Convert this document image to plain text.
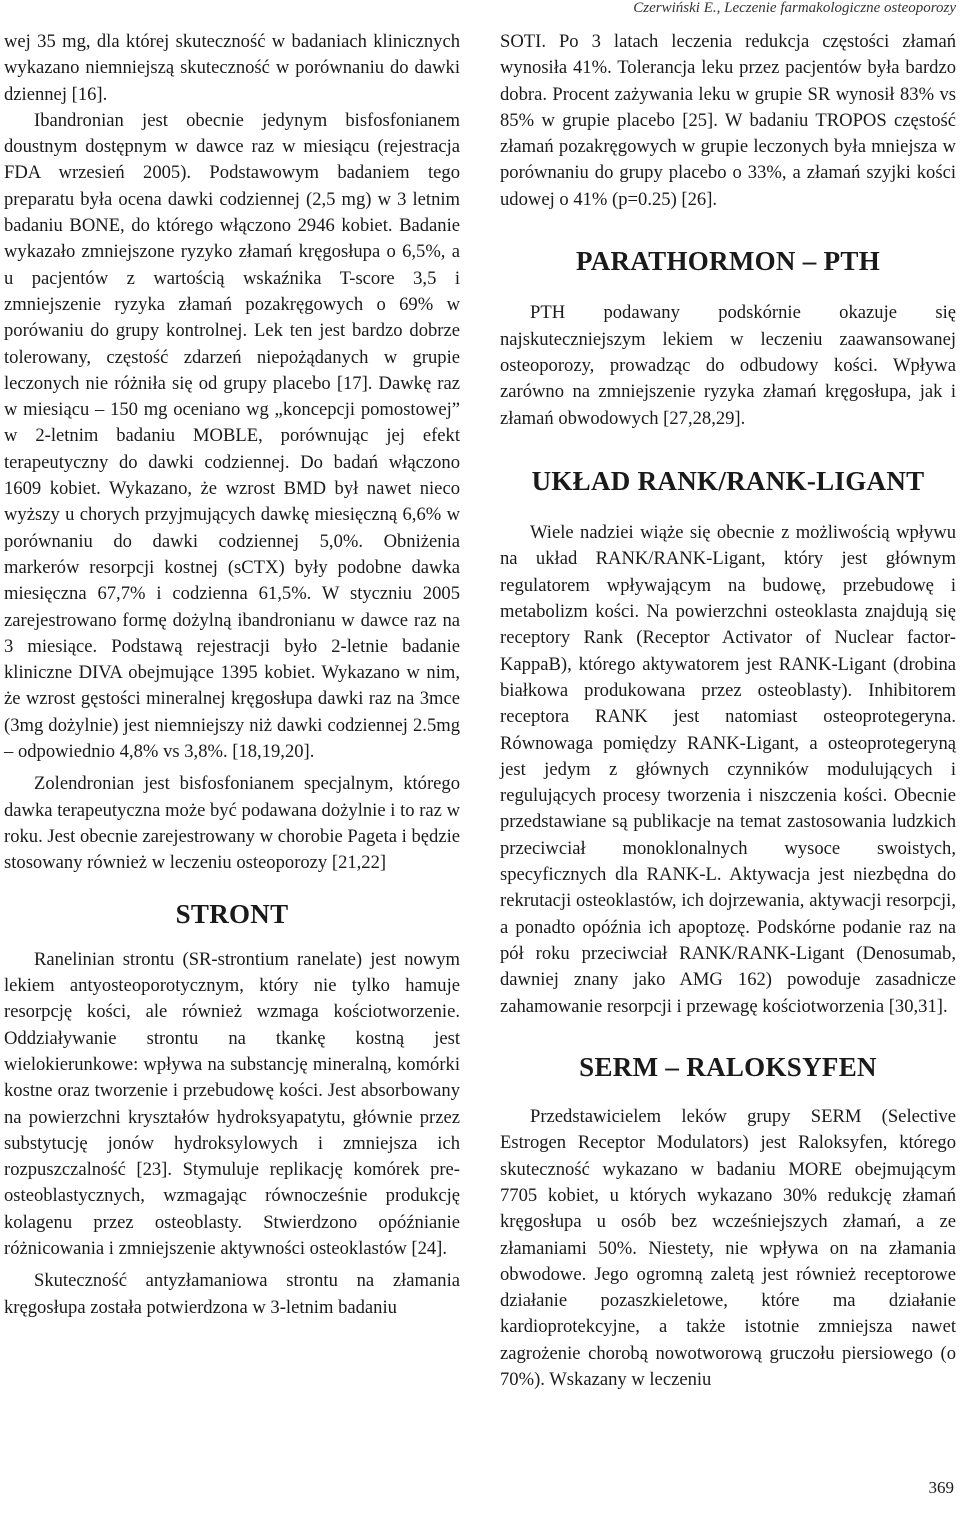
Czerwiński E., Leczenie farmakologiczne osteoporozy

wej 35 mg, dla której skuteczność w badaniach klinicznych wykazano niemniejszą skuteczność w porównaniu do dawki dziennej [16].

Ibandronian jest obecnie jedynym bisfosfonianem doustnym dostępnym w dawce raz w miesiącu (rejestracja FDA wrzesień 2005). Podstawowym badaniem tego preparatu była ocena dawki codziennej (2,5 mg) w 3 letnim badaniu BONE, do którego włączono 2946 kobiet. Badanie wykazało zmniejszone ryzyko złamań kręgosłupa o 6,5%, a u pacjentów z wartością wskaźnika T-score 3,5 i zmniejszenie ryzyka złamań pozakręgowych o 69% w porówaniu do grupy kontrolnej. Lek ten jest bardzo dobrze tolerowany, częstość zdarzeń niepożądanych w grupie leczonych nie różniła się od grupy placebo [17]. Dawkę raz w miesiącu – 150 mg oceniano wg „koncepcji pomostowej” w 2-letnim badaniu MOBLE, porównując jej efekt terapeutyczny do dawki codziennej. Do badań włączono 1609 kobiet. Wykazano, że wzrost BMD był nawet nieco wyższy u chorych przyjmujących dawkę miesięczną 6,6% w porównaniu do dawki codziennej 5,0%. Obniżenia markerów resorpcji kostnej (sCTX) były podobne dawka miesięczna 67,7% i codzienna 61,5%. W styczniu 2005 zarejestrowano formę dożylną ibandronianu w dawce raz na 3 miesiące. Podstawą rejestracji było 2-letnie badanie kliniczne DIVA obejmujące 1395 kobiet. Wykazano w nim, że wzrost gęstości mineralnej kręgosłupa dawki raz na 3mce (3mg dożylnie) jest niemniejszy niż dawki codziennej 2.5mg – odpowiednio 4,8% vs 3,8%. [18,19,20].

Zolendronian jest bisfosfonianem specjalnym, którego dawka terapeutyczna może być podawana dożylnie i to raz w roku. Jest obecnie zarejestrowany w chorobie Pageta i będzie stosowany również w leczeniu osteoporozy [21,22]

STRONT

Ranelinian strontu (SR-strontium ranelate) jest nowym lekiem antyosteoporotycznym, który nie tylko hamuje resorpcję kości, ale również wzmaga kościotworzenie. Oddziaływanie strontu na tkankę kostną jest wielokierunkowe: wpływa na substancję mineralną, komórki kostne oraz tworzenie i przebudowę kości. Jest absorbowany na powierzchni kryształów hydroksyapatytu, głównie przez substytucję jonów hydroksylowych i zmniejsza ich rozpuszczalność [23]. Stymuluje replikację komórek pre-osteoblastycznych, wzmagając równocześnie produkcję kolagenu przez osteoblasty. Stwierdzono opóźnianie różnicowania i zmniejszenie aktywności osteoklastów [24].

Skuteczność antyzłamaniowa strontu na złamania kręgosłupa została potwierdzona w 3-letnim badaniu

SOTI. Po 3 latach leczenia redukcja częstości złamań wynosiła 41%. Tolerancja leku przez pacjentów była bardzo dobra. Procent zażywania leku w grupie SR wynosił 83% vs 85% w grupie placebo [25]. W badaniu TROPOS częstość złamań pozakręgowych w grupie leczonych była mniejsza w porównaniu do grupy placebo o 33%, a złamań szyjki kości udowej o 41% (p=0.25) [26].

PARATHORMON – PTH

PTH podawany podskórnie okazuje się najskuteczniejszym lekiem w leczeniu zaawansowanej osteoporozy, prowadząc do odbudowy kości. Wpływa zarówno na zmniejszenie ryzyka złamań kręgosłupa, jak i złamań obwodowych [27,28,29].

UKŁAD RANK/RANK-LIGANT

Wiele nadziei wiąże się obecnie z możliwością wpływu na układ RANK/RANK-Ligant, który jest głównym regulatorem wpływającym na budowę, przebudowę i metabolizm kości. Na powierzchni osteoklasta znajdują się receptory Rank (Receptor Activator of Nuclear factor-KappaB), którego aktywatorem jest RANK-Ligant (drobina białkowa produkowana przez osteoblasty). Inhibitorem receptora RANK jest natomiast osteoprotegeryna. Równowaga pomiędzy RANK-Ligant, a osteoprotegeryną jest jedym z głównych czynników modulujących i regulujących procesy tworzenia i niszczenia kości. Obecnie przedstawiane są publikacje na temat zastosowania ludzkich przeciwciał monoklonalnych wysoce swoistych, specyficznych dla RANK-L. Aktywacja jest niezbędna do rekrutacji osteoklastów, ich dojrzewania, aktywacji resorpcji, a ponadto opóźnia ich apoptozę. Podskórne podanie raz na pół roku przeciwciał RANK/RANK-Ligant (Denosumab, dawniej znany jako AMG 162) powoduje zasadnicze zahamowanie resorpcji i przewagę kościotworzenia [30,31].

SERM – RALOKSYFEN

Przedstawicielem leków grupy SERM (Selective Estrogen Receptor Modulators) jest Raloksyfen, którego skuteczność wykazano w badaniu MORE obejmującym 7705 kobiet, u których wykazano 30% redukcję złamań kręgosłupa u osób bez wcześniejszych złamań, a ze złamaniami 50%. Niestety, nie wpływa on na złamania obwodowe. Jego ogromną zaletą jest również receptorowe działanie pozaszkieletowe, które ma działanie kardioprotekcyjne, a także istotnie zmniejsza nawet zagrożenie chorobą nowotworową gruczołu piersiowego (o 70%). Wskazany w leczeniu

369
